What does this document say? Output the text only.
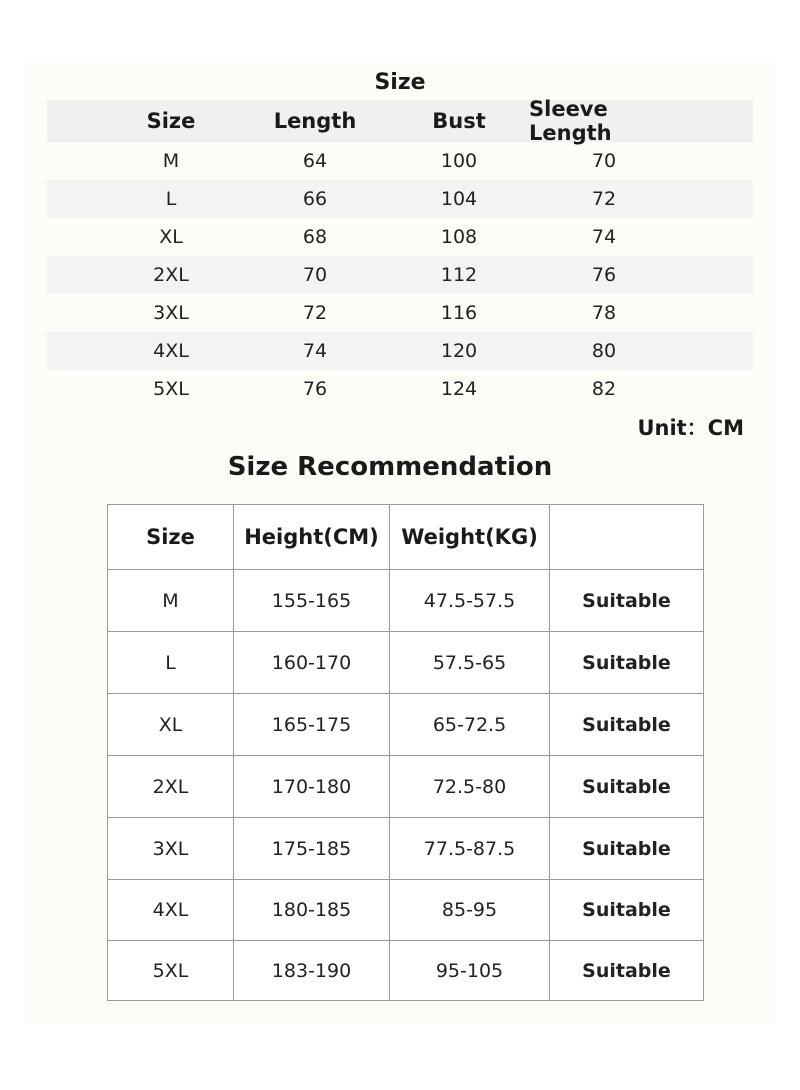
Size
Size	Length	Bust	Sleeve Length
M	64	100	70
L	66	104	72
XL	68	108	74
2XL	70	112	76
3XL	72	116	78
4XL	74	120	80
5XL	76	124	82
Unit：CM
Size Recommendation
Size	Height(CM)	Weight(KG)
M	155-165	47.5-57.5	Suitable
L	160-170	57.5-65	Suitable
XL	165-175	65-72.5	Suitable
2XL	170-180	72.5-80	Suitable
3XL	175-185	77.5-87.5	Suitable
4XL	180-185	85-95	Suitable
5XL	183-190	95-105	Suitable
